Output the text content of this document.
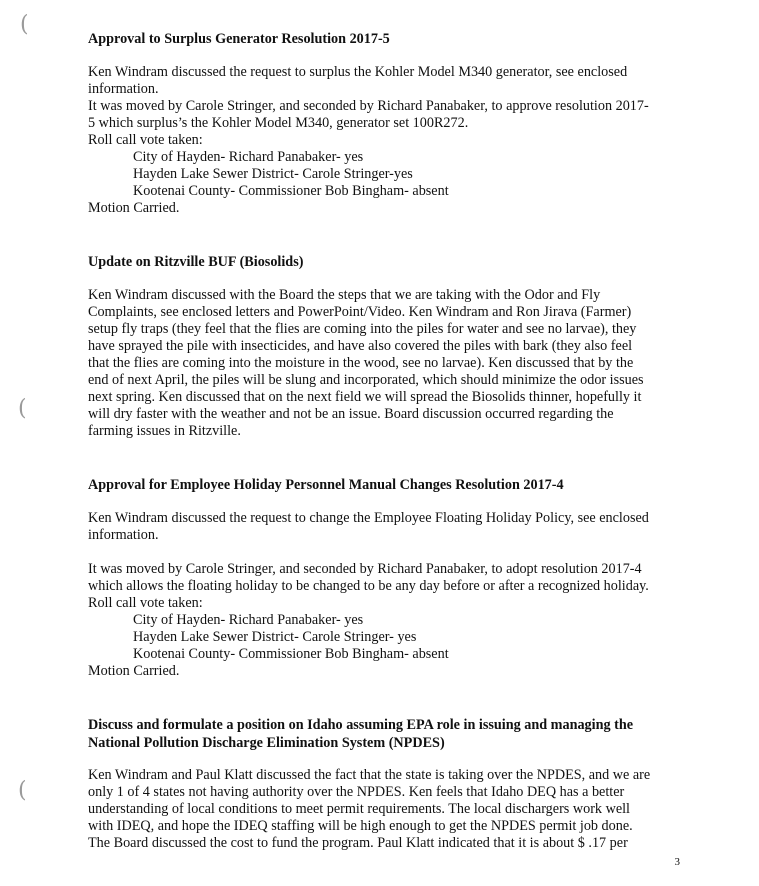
(
(
(

Approval to Surplus Generator Resolution 2017-5

Ken Windram discussed the request to surplus the Kohler Model M340 generator, see enclosed

information.

It was moved by Carole Stringer, and seconded by Richard Panabaker, to approve resolution 2017-

5 which surplus’s the Kohler Model M340, generator set 100R272.

Roll call vote taken:

City of Hayden- Richard Panabaker- yes

Hayden Lake Sewer District- Carole Stringer-yes

Kootenai County- Commissioner Bob Bingham- absent

Motion Carried.

Update on Ritzville BUF (Biosolids)

Ken Windram discussed with the Board the steps that we are taking with the Odor and Fly

Complaints, see enclosed letters and PowerPoint/Video. Ken Windram and Ron Jirava (Farmer)

setup fly traps (they feel that the flies are coming into the piles for water and see no larvae), they

have sprayed the pile with insecticides, and have also covered the piles with bark (they also feel

that the flies are coming into the moisture in the wood, see no larvae). Ken discussed that by the

end of next April, the piles will be slung and incorporated, which should minimize the odor issues

next spring. Ken discussed that on the next field we will spread the Biosolids thinner, hopefully it

will dry faster with the weather and not be an issue. Board discussion occurred regarding the

farming issues in Ritzville.

Approval for Employee Holiday Personnel Manual Changes Resolution 2017-4

Ken Windram discussed the request to change the Employee Floating Holiday Policy, see enclosed

information.

It was moved by Carole Stringer, and seconded by Richard Panabaker, to adopt resolution 2017-4

which allows the floating holiday to be changed to be any day before or after a recognized holiday.

Roll call vote taken:

City of Hayden- Richard Panabaker- yes

Hayden Lake Sewer District- Carole Stringer- yes

Kootenai County- Commissioner Bob Bingham- absent

Motion Carried.

Discuss and formulate a position on Idaho assuming EPA role in issuing and managing the

National Pollution Discharge Elimination System (NPDES)

Ken Windram and Paul Klatt discussed the fact that the state is taking over the NPDES, and we are

only 1 of 4 states not having authority over the NPDES. Ken feels that Idaho DEQ has a better

understanding of local conditions to meet permit requirements. The local dischargers work well

with IDEQ, and hope the IDEQ staffing will be high enough to get the NPDES permit job done.

The Board discussed the cost to fund the program. Paul Klatt indicated that it is about $ .17 per

3
